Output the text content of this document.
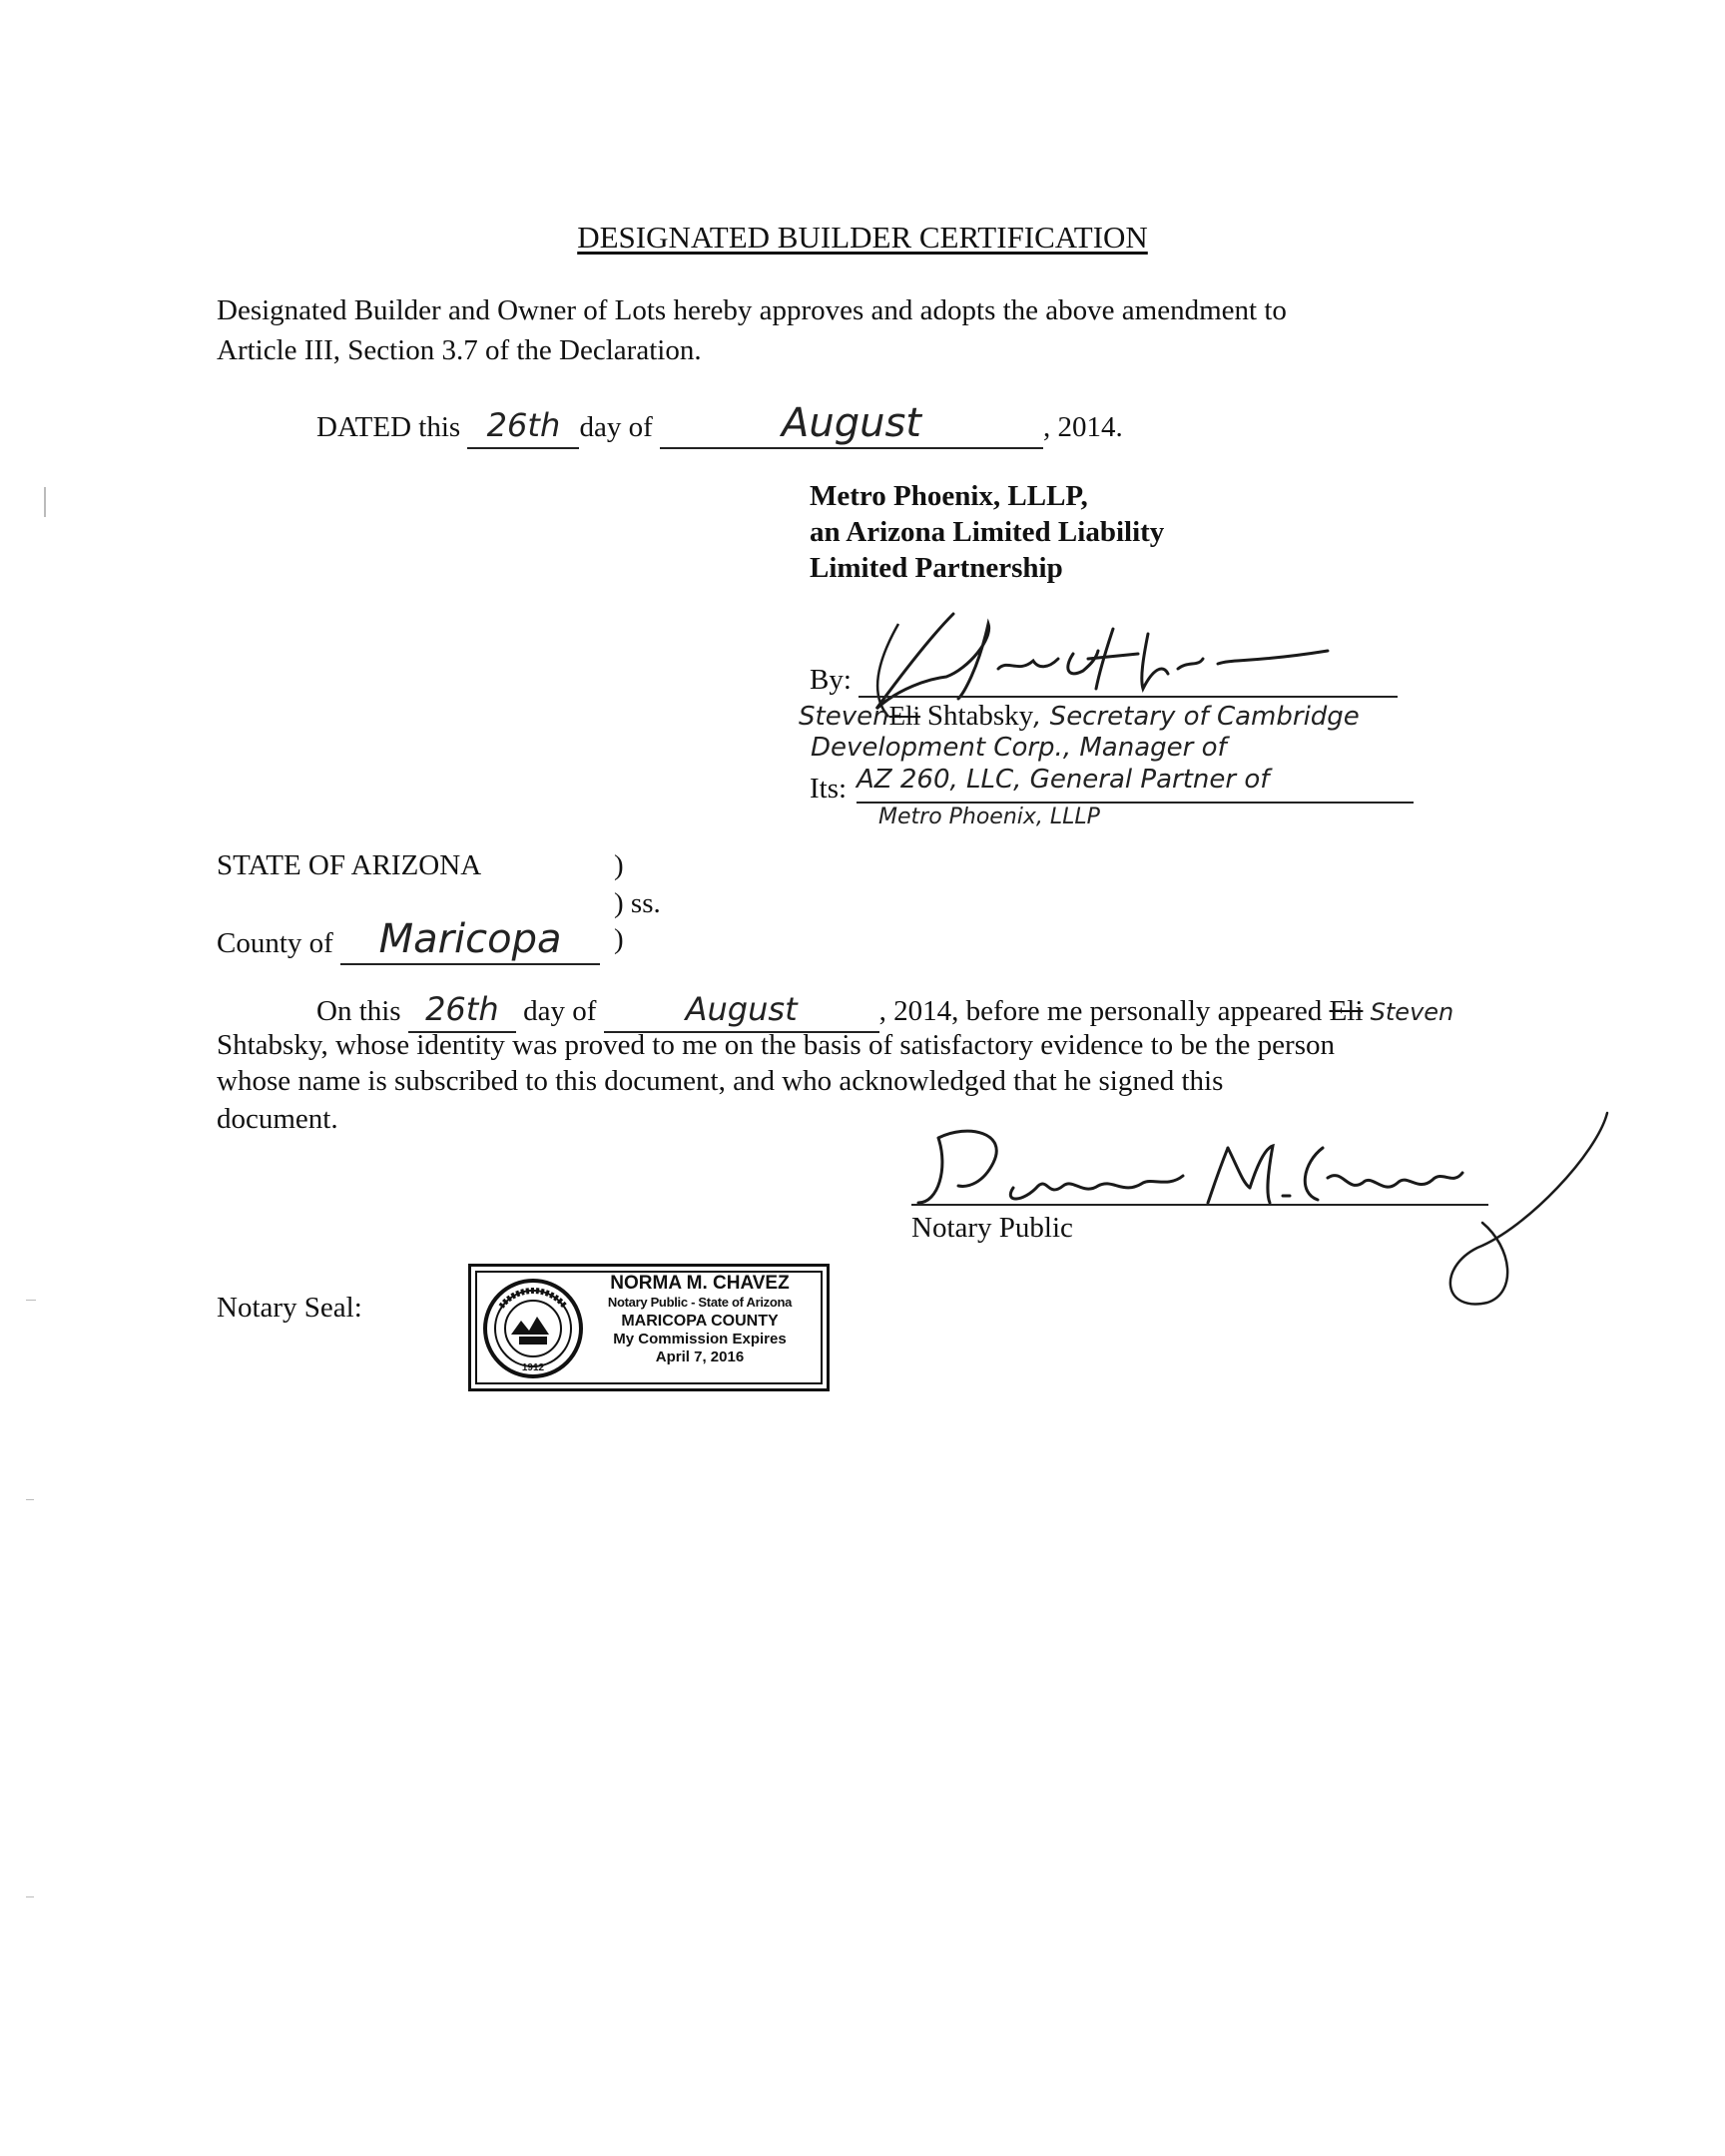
DESIGNATED BUILDER CERTIFICATION
Designated Builder and Owner of Lots hereby approves and adopts the above amendment to
Article III, Section 3.7 of the Declaration.
DATED this 26th day of	August	, 2014.
Metro Phoenix, LLLP,
an Arizona Limited Liability
Limited Partnership
By:
StevenEli Shtabsky, Secretary of Cambridge
Development Corp., Manager of
Its: AZ 260, LLC, General Partner of
Metro Phoenix, LLLP
STATE OF ARIZONA	)
) ss.
County of Maricopa	)
On this 26th day of	August	, 2014, before me personally appeared Eli Steven
Shtabsky, whose identity was proved to me on the basis of satisfactory evidence to be the person
whose name is subscribed to this document, and who acknowledged that he signed this
document.
Notary Public
Notary Seal:
1912
NORMA M. CHAVEZ
Notary Public - State of Arizona
MARICOPA COUNTY
My Commission Expires
April 7, 2016
